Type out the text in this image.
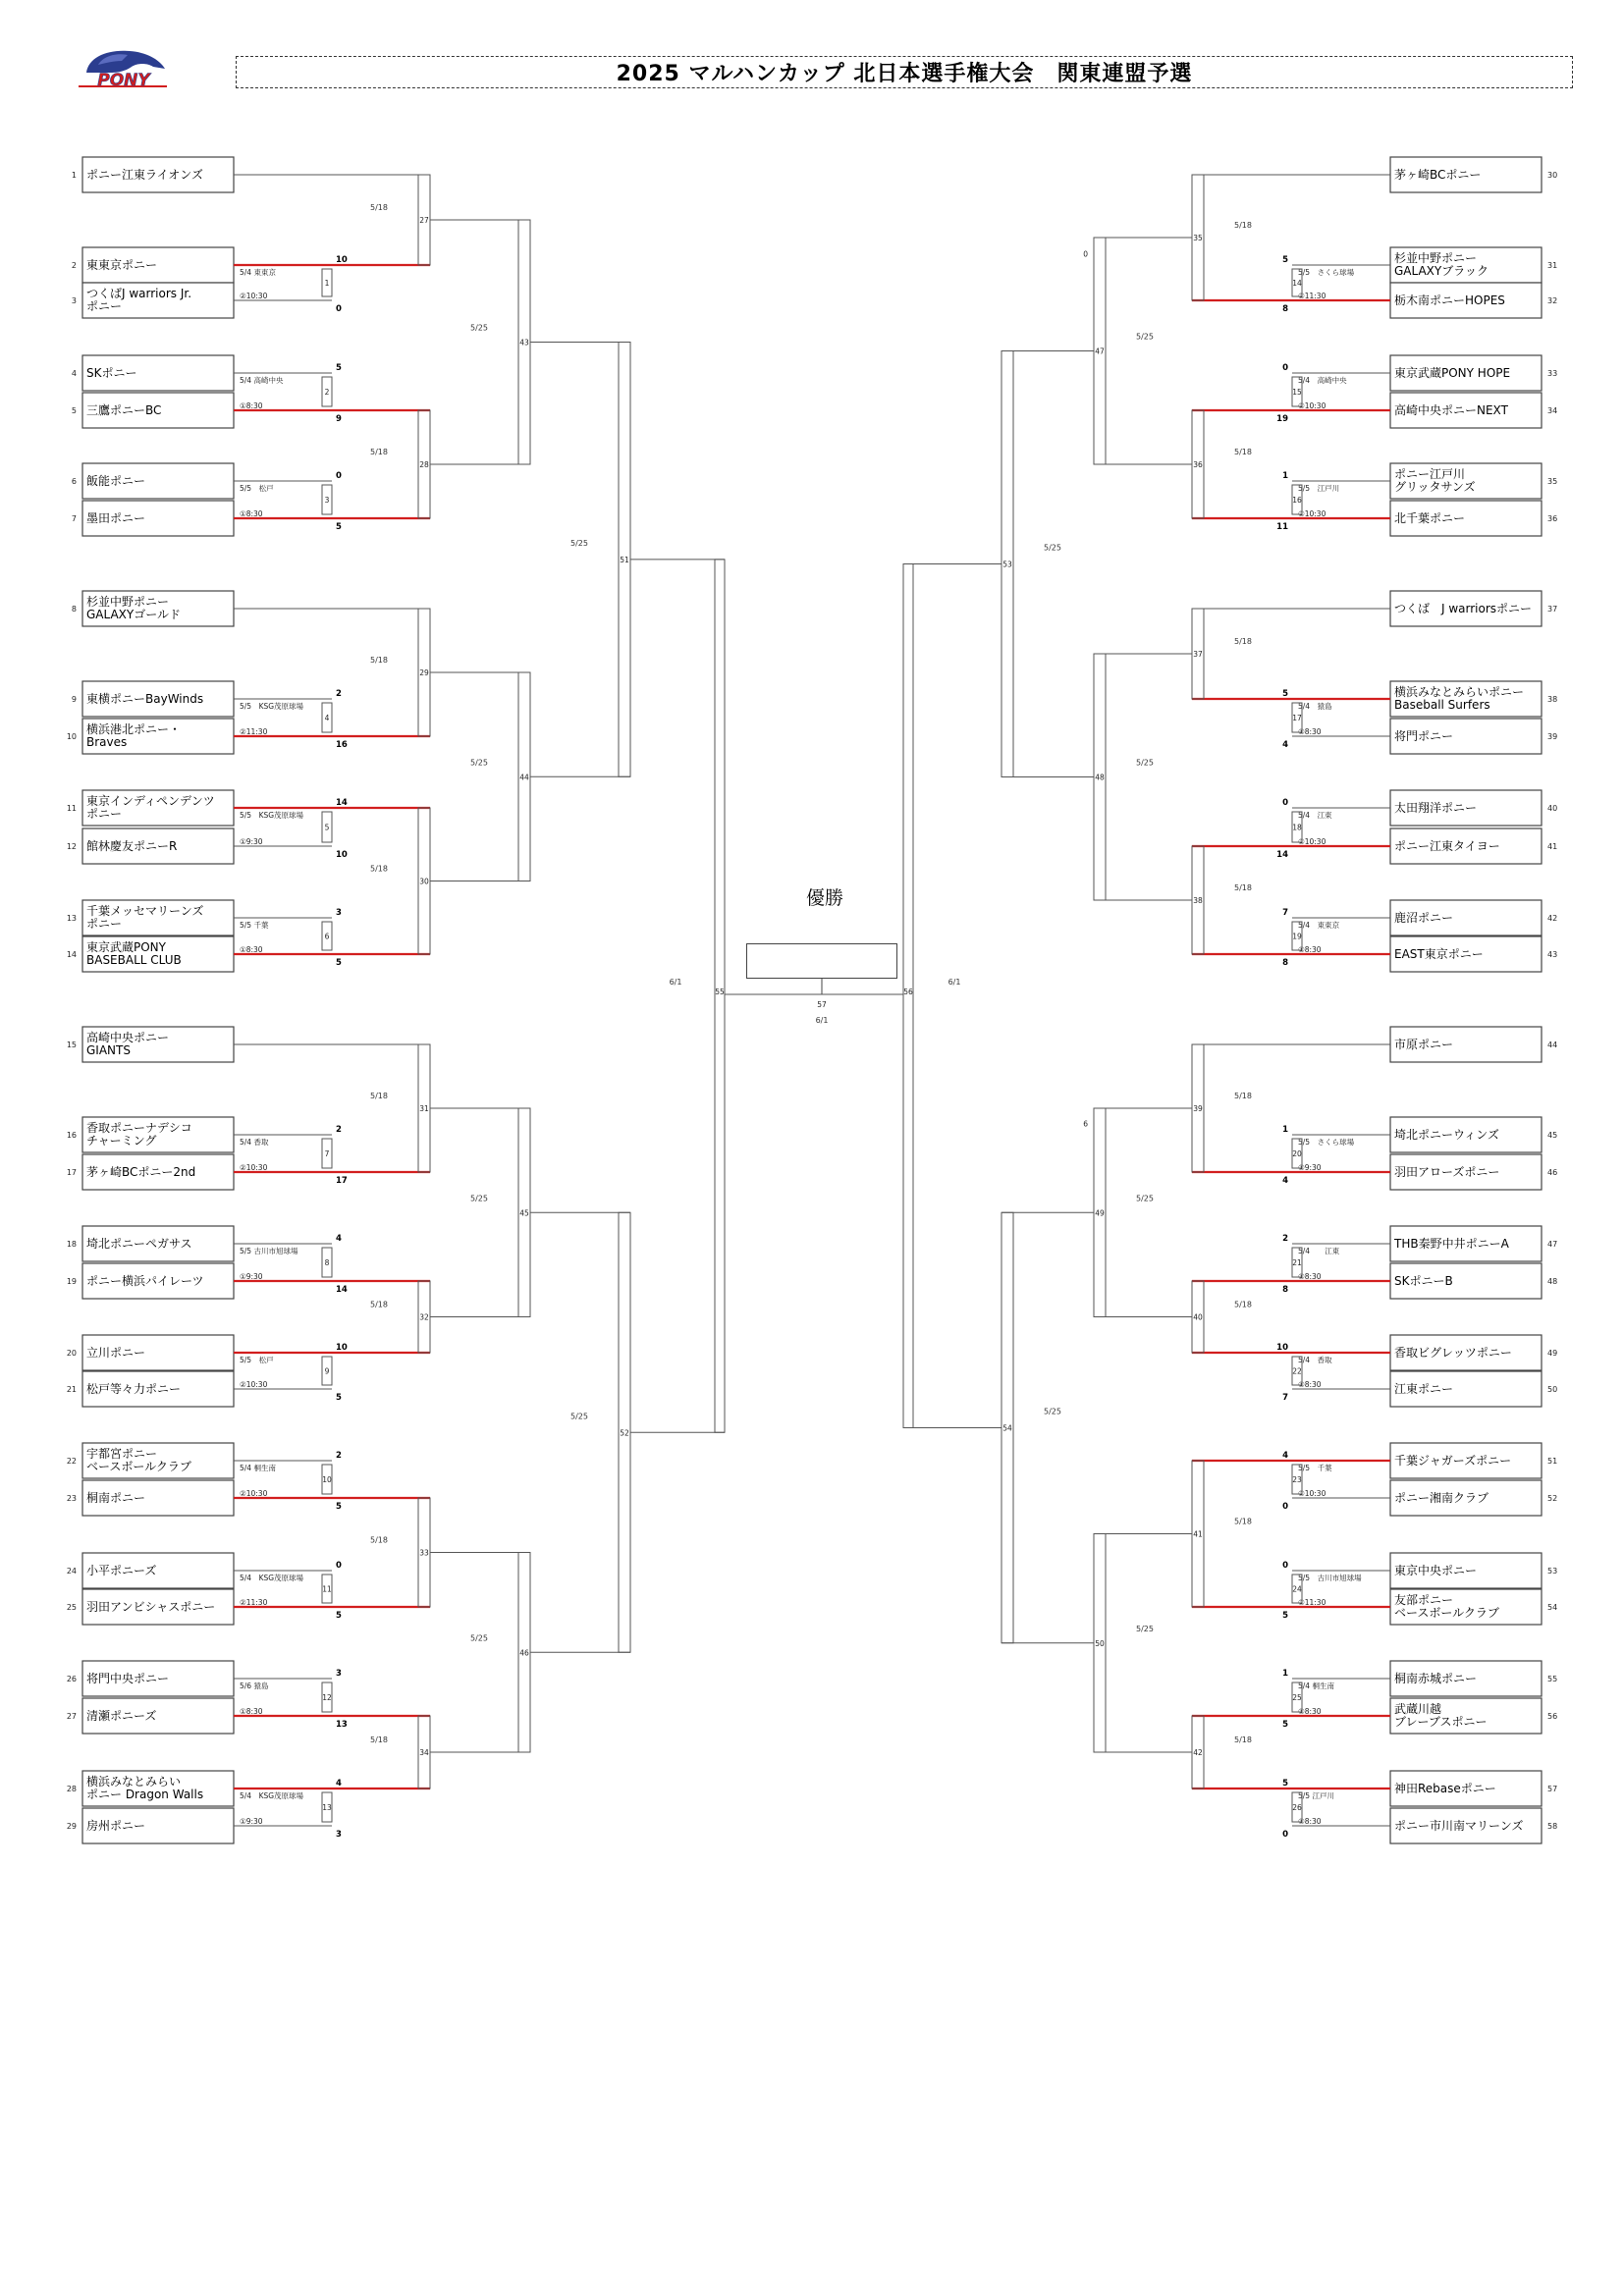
PONY	2025 マルハンカップ 北日本選手権大会　関東連盟予選
優勝
1 ポニー江東ライオンズ
2 東東京ポニー
3
つくばJ warriors Jr.
ポニー
4 SKポニー
5 三鷹ポニーBC
6 飯能ポニー
7 墨田ポニー
8
杉並中野ポニー
GALAXYゴールド
9 東横ポニーBayWinds
10
横浜港北ポニー・
Braves
11
東京インディペンデンツ
ポニー
12 館林慶友ポニーR
13
千葉メッセマリーンズ
ポニー
14
東京武蔵PONY
BASEBALL CLUB
15
高崎中央ポニー
GIANTS
16
香取ポニーナデシコ
チャーミング
17 茅ヶ崎BCポニー2nd
18 埼北ポニーペガサス
19 ポニー横浜パイレーツ
20 立川ポニー
21 松戸等々力ポニー
22
宇都宮ポニー
ベースボールクラブ
23 桐南ポニー
24 小平ポニーズ
25 羽田アンビシャスポニー
26 将門中央ポニー
27 清瀬ポニーズ
28
横浜みなとみらい
ポニー Dragon Walls
29 房州ポニー
5/4 東東京
②10:30
1
10
0
5/4 高崎中央
①8:30
2
5
9
5/5　松戸
①8:30
3
0
5
5/5　KSG茂原球場
②11:30
4
2
16
5/5　KSG茂原球場
①9:30
5
14
10
5/5 千葉
①8:30
6
3
5
5/4 香取
②10:30
7
2
17
5/5 古川市旭球場
①9:30
8
4
14
5/5　松戸
②10:30
9
10
5
5/4 桐生南
②10:30
10
2
5
5/4　KSG茂原球場
②11:30
11
0
5
5/6 猿島
①8:30
12
3
13
5/4　KSG茂原球場
①9:30
13
4
3
27
5/18
28
5/18
29
5/18
30
5/18
31
5/18
32
5/18
33
5/18
34
5/18
43
5/25
44
5/25
45
5/25
46
5/25
51
5/25
52
5/25
55
6/1
30
茅ヶ崎BCポニー
31
杉並中野ポニー
GALAXYブラック
32
栃木南ポニーHOPES
33
東京武蔵PONY HOPE
34
高崎中央ポニーNEXT
35
ポニー江戸川
グリッタサンズ
36
北千葉ポニー
37
つくば　J warriorsポニー
38
横浜みなとみらいポニー
Baseball Surfers
39
将門ポニー
40
太田翔洋ポニー
41
ポニー江東タイヨー
42
鹿沼ポニー
43
EAST東京ポニー
44
市原ポニー
45
埼北ポニーウィンズ
46
羽田アローズポニー
47
THB秦野中井ポニーA
48
SKポニーB
49
香取ビグレッツポニー
50
江東ポニー
51
千葉ジャガーズポニー
52
ポニー湘南クラブ
53
東京中央ポニー
54
友部ポニー
ベースボールクラブ
55
桐南赤城ポニー
56
武蔵川越
ブレーブスポニー
57
神田Rebaseポニー
58
ポニー市川南マリーンズ
5/5　さくら球場
②11:30
14
5
8
5/4　高崎中央
②10:30
15
0
19
5/5　江戸川
②10:30
16
1
11
5/4　猿島
①8:30
17
5
4
5/4　江東
②10:30
18
0
14
5/4　東東京
①8:30
19
7
8
5/5　さくら球場
①9:30
20
1
4
5/4　　江東
①8:30
21
2
8
5/4　香取
①8:30
22
10
7
5/5　千葉
②10:30
23
4
0
5/5　古川市旭球場
②11:30
24
0
5
5/4 桐生南
①8:30
25
1
5
5/5 江戸川
①8:30
26
5
0
35
5/18
36
5/18
37
5/18
38
5/18
39
5/18
40
5/18
41
5/18
42
5/18
47
5/25
0
48
5/25
49
5/25
6
50
5/25
53
5/25
54
5/25
56
6/1
57
6/1
